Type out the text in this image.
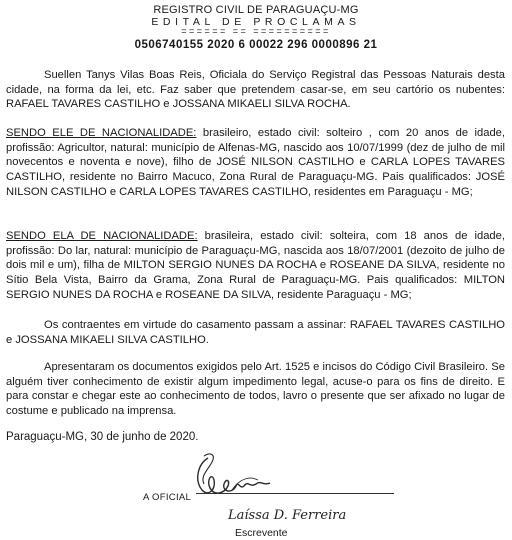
REGISTRO CIVIL DE PARAGUAÇU-MG
EDITAL DE PROCLAMAS
====== == ==========
0506740155 2020 6 00022 296 0000896 21

Suellen Tanys Vilas Boas Reis, Oficiala do Serviço Registral das Pessoas Naturais desta cidade, na forma da lei, etc. Faz saber que pretendem casar-se, em seu cartório os nubentes: RAFAEL TAVARES CASTILHO e JOSSANA MIKAELI SILVA ROCHA.

SENDO ELE DE NACIONALIDADE: brasileiro, estado civil: solteiro , com 20 anos de idade, profissão: Agricultor, natural: município de Alfenas-MG, nascido aos 10/07/1999 (dez de julho de mil novecentos e noventa e nove), filho de JOSÉ NILSON CASTILHO e CARLA LOPES TAVARES CASTILHO, residente no Bairro Macuco, Zona Rural de Paraguaçu-MG. Pais qualificados: JOSÉ NILSON CASTILHO e CARLA LOPES TAVARES CASTILHO, residentes em Paraguaçu - MG;

SENDO ELA DE NACIONALIDADE: brasileira, estado civil: solteira, com 18 anos de idade, profissão: Do lar, natural: município de Paraguaçu-MG, nascida aos 18/07/2001 (dezoito de julho de dois mil e um), filha de MILTON SERGIO NUNES DA ROCHA e ROSEANE DA SILVA, residente no Sítio Bela Vista, Bairro da Grama, Zona Rural de Paraguaçu-MG. Pais qualificados: MILTON SERGIO NUNES DA ROCHA e ROSEANE DA SILVA, residente Paraguaçu - MG;

Os contraentes em virtude do casamento passam a assinar: RAFAEL TAVARES CASTILHO e JOSSANA MIKAELI SILVA CASTILHO.

Apresentaram os documentos exigidos pelo Art. 1525 e incisos do Código Civil Brasileiro. Se alguém tiver conhecimento de existir algum impedimento legal, acuse-o para os fins de direito. E para constar e chegar este ao conhecimento de todos, lavro o presente que ser afixado no lugar de costume e publicado na imprensa.

Paraguaçu-MG, 30 de junho de 2020.
A OFICIAL
Laíssa D. Ferreira
Escrevente
